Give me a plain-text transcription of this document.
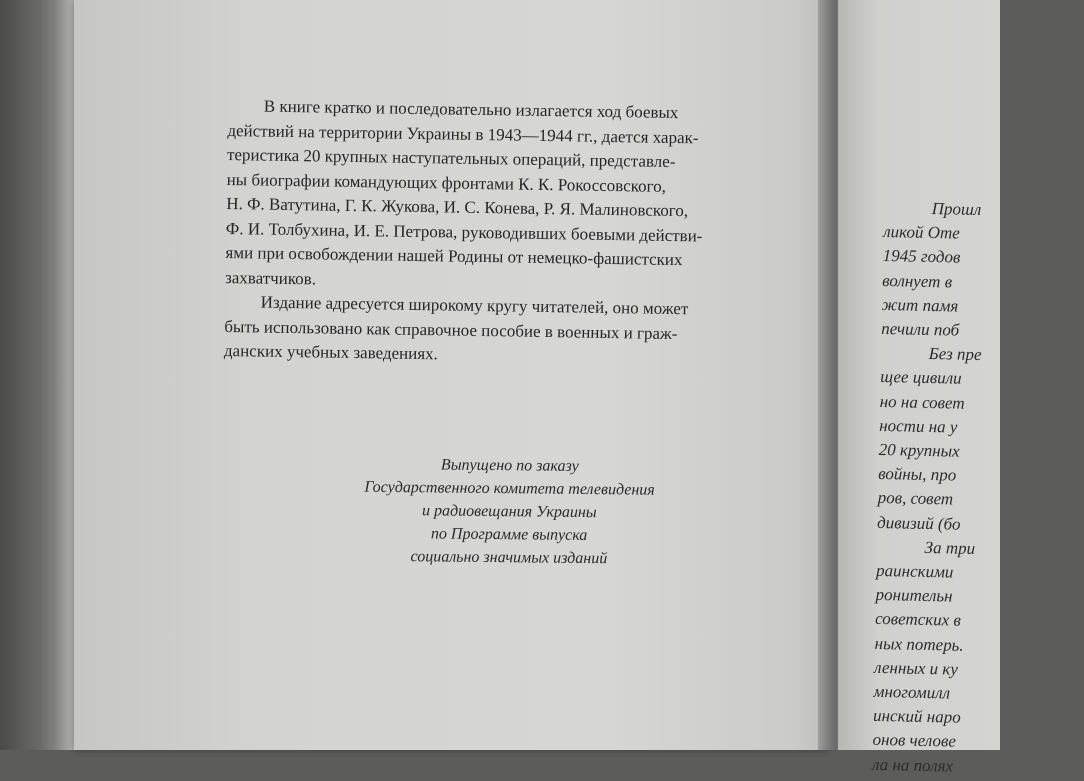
В книге кратко и последовательно излагается ход боевых
действий на территории Украины в 1943—1944 гг., дается харак-
теристика 20 крупных наступательных операций, представле-
ны биографии командующих фронтами К. К. Рокоссовского,
Н. Ф. Ватутина, Г. К. Жукова, И. С. Конева, Р. Я. Малиновского,
Ф. И. Толбухина, И. Е. Петрова, руководивших боевыми действи-
ями при освобождении нашей Родины от немецко-фашистских
захватчиков.
Издание адресуется широкому кругу читателей, оно может
быть использовано как справочное пособие в военных и граж-
данских учебных заведениях.
Выпущено по заказу
Государственного комитета телевидения
и радиовещания Украины
по Программе выпуска
социально значимых изданий
Прошл
ликой Оте
1945 годов
волнует в
жит памя
печили поб
Без пре
щее цивили
но на совет
ности на у
20 крупных
войны, про
ров, совет
дивизий (бо
За три
раинскими
ронительн
советских в
ных потерь.
ленных и ку
многомилл
инский наро
онов челове
ла на полях
